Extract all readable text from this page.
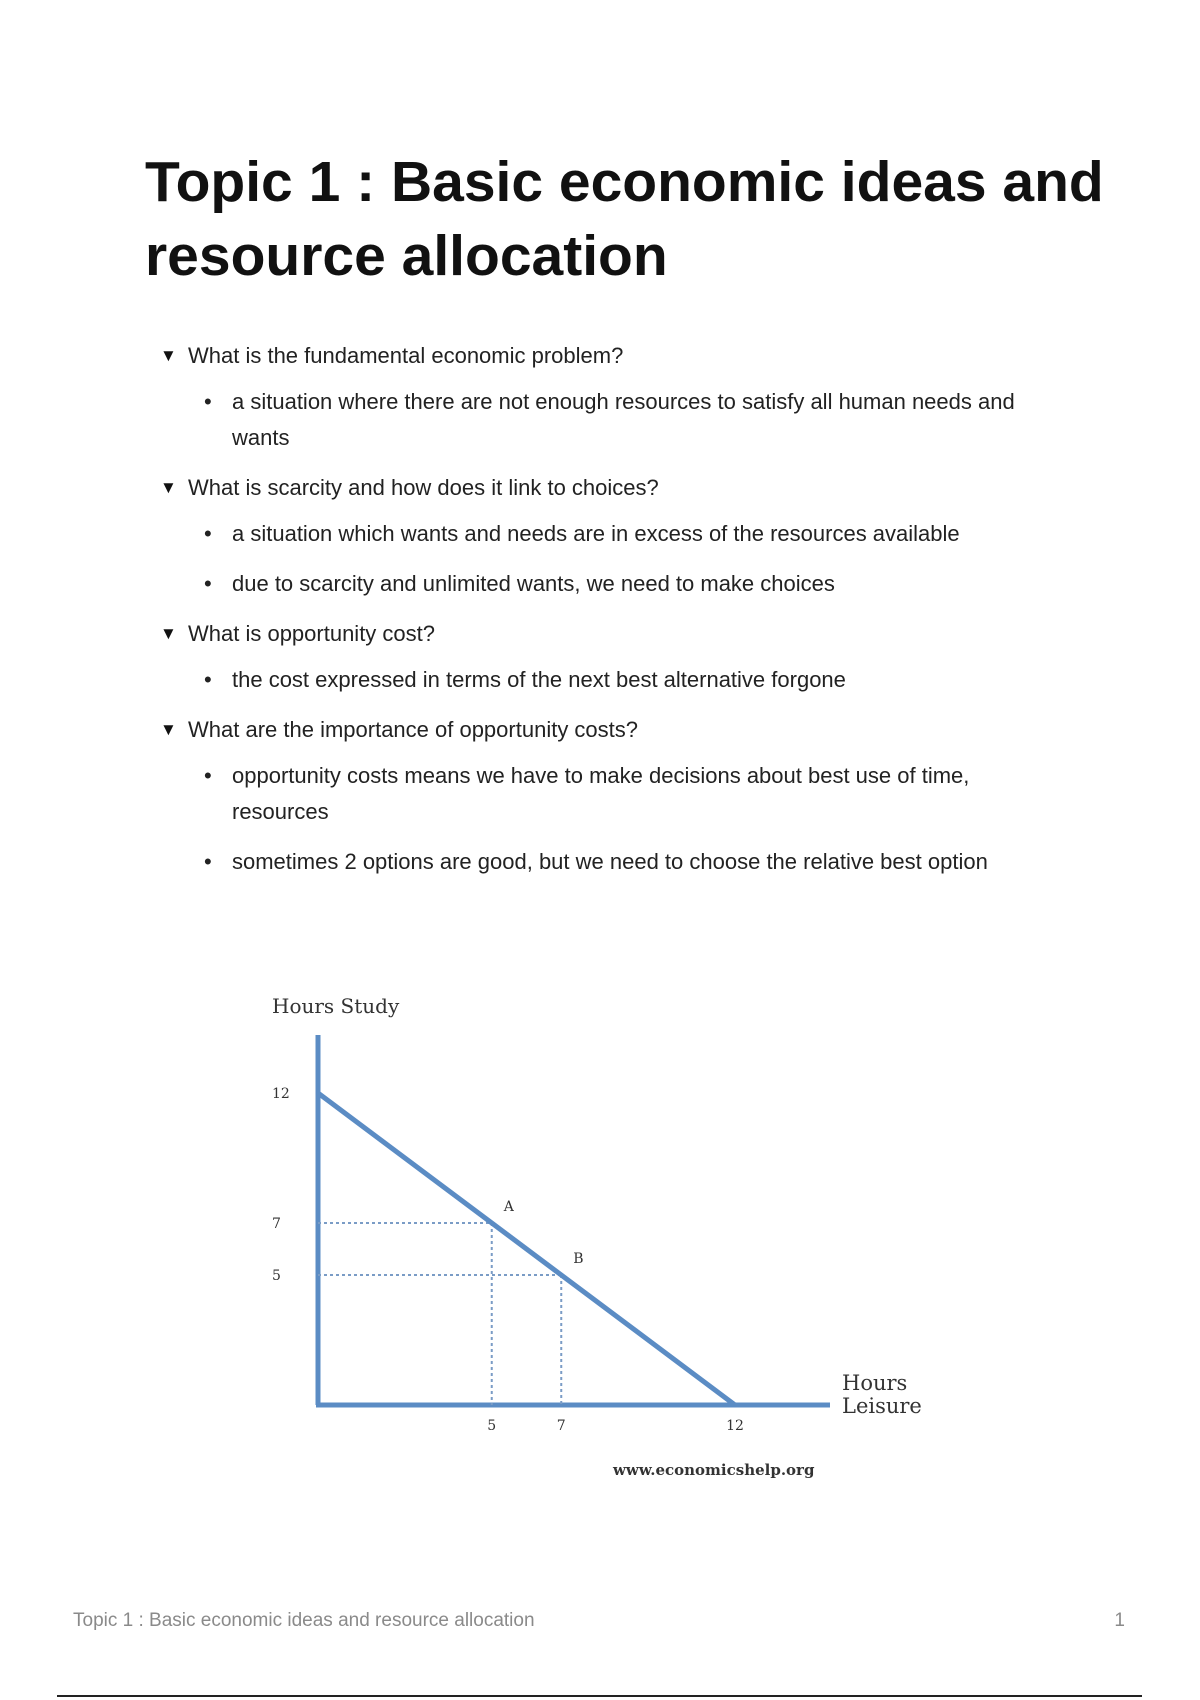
Topic 1 : Basic economic ideas and resource allocation
▼ What is the fundamental economic problem?
• a situation where there are not enough resources to satisfy all human needs and wants
▼ What is scarcity and how does it link to choices?
• a situation which wants and needs are in excess of the resources available
• due to scarcity and unlimited wants, we need to make choices
▼ What is opportunity cost?
• the cost expressed in terms of the next best alternative forgone
▼ What are the importance of opportunity costs?
• opportunity costs means we have to make decisions about best use of time, resources
• sometimes 2 options are good, but we need to choose the relative best option
Hours Study
5	7	12
12
7
5
A
B
Hours
Leisure
www.economicshelp.org
Topic 1 : Basic economic ideas and resource allocation	1
